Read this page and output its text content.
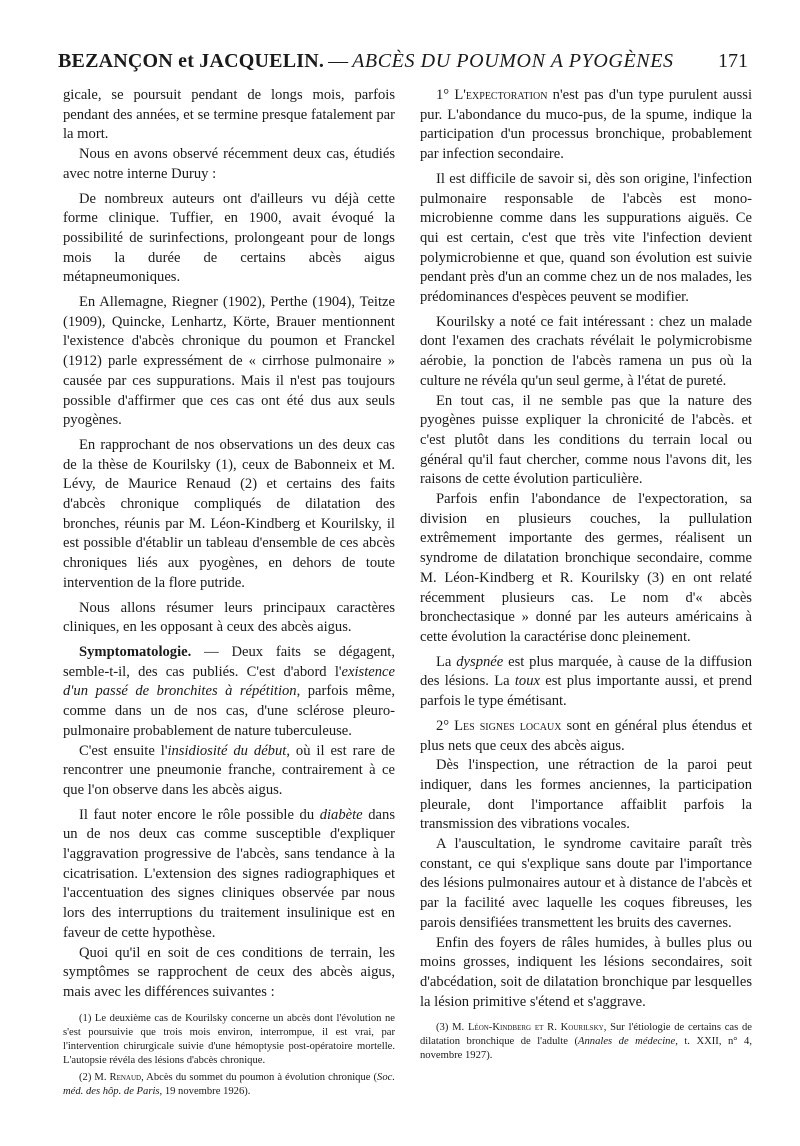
BEZANÇON et JACQUELIN. — ABCÈS DU POUMON A PYOGÈNES 171

gicale, se poursuit pendant de longs mois, parfois pendant des années, et se termine presque fatalement par la mort.

Nous en avons observé récemment deux cas, étudiés avec notre interne Duruy :

De nombreux auteurs ont d'ailleurs vu déjà cette forme clinique. Tuffier, en 1900, avait évoqué la possibilité de surinfections, prolongeant pour de longs mois la durée de certains abcès aigus métapneumoniques.

En Allemagne, Riegner (1902), Perthe (1904), Teitze (1909), Quincke, Lenhartz, Körte, Brauer mentionnent l'existence d'abcès chronique du poumon et Franckel (1912) parle expressément de « cirrhose pulmonaire » causée par ces suppurations. Mais il n'est pas toujours possible d'affirmer que ces cas ont été dus aux seuls pyogènes.

En rapprochant de nos observations un des deux cas de la thèse de Kourilsky (1), ceux de Babonneix et M. Lévy, de Maurice Renaud (2) et certains des faits d'abcès chronique compliqués de dilatation des bronches, réunis par M. Léon-Kindberg et Kourilsky, il est possible d'établir un tableau d'ensemble de ces abcès chroniques liés aux pyogènes, en dehors de toute intervention de la flore putride.

Nous allons résumer leurs principaux caractères cliniques, en les opposant à ceux des abcès aigus.

Symptomatologie. — Deux faits se dégagent, semble-t-il, des cas publiés. C'est d'abord l'existence d'un passé de bronchites à répétition, parfois même, comme dans un de nos cas, d'une sclérose pleuro-pulmonaire probablement de nature tuberculeuse.

C'est ensuite l'insidiosité du début, où il est rare de rencontrer une pneumonie franche, contrairement à ce que l'on observe dans les abcès aigus.

Il faut noter encore le rôle possible du diabète dans un de nos deux cas comme susceptible d'expliquer l'aggravation progressive de l'abcès, sans tendance à la cicatrisation. L'extension des signes radiographiques et l'accentuation des signes cliniques observée par nous lors des interruptions du traitement insulinique est en faveur de cette hypothèse.

Quoi qu'il en soit de ces conditions de terrain, les symptômes se rapprochent de ceux des abcès aigus, mais avec les différences suivantes :

(1) Le deuxième cas de Kourilsky concerne un abcès dont l'évolution ne s'est poursuivie que trois mois environ, interrompue, il est vrai, par l'intervention chirurgicale suivie d'une hémoptysie post-opératoire mortelle. L'autopsie révéla des lésions d'abcès chronique.

(2) M. Renaud, Abcès du sommet du poumon à évolution chronique (Soc. méd. des hôp. de Paris, 19 novembre 1926).

1° L'expectoration n'est pas d'un type purulent aussi pur. L'abondance du muco-pus, de la spume, indique la participation d'un processus bronchique, probablement par infection secondaire.

Il est difficile de savoir si, dès son origine, l'infection pulmonaire responsable de l'abcès est mono-microbienne comme dans les suppurations aiguës. Ce qui est certain, c'est que très vite l'infection devient polymicrobienne et que, quand son évolution est suivie pendant près d'un an comme chez un de nos malades, les prédominances d'espèces peuvent se modifier.

Kourilsky a noté ce fait intéressant : chez un malade dont l'examen des crachats révélait le polymicrobisme aérobie, la ponction de l'abcès ramena un pus où la culture ne révéla qu'un seul germe, à l'état de pureté.

En tout cas, il ne semble pas que la nature des pyogènes puisse expliquer la chronicité de l'abcès. et c'est plutôt dans les conditions du terrain local ou général qu'il faut chercher, comme nous l'avons dit, les raisons de cette évolution particulière.

Parfois enfin l'abondance de l'expectoration, sa division en plusieurs couches, la pullulation extrêmement importante des germes, réalisent un syndrome de dilatation bronchique secondaire, comme M. Léon-Kindberg et R. Kourilsky (3) en ont relaté récemment plusieurs cas. Le nom d'« abcès bronchectasique » donné par les auteurs américains à cette évolution la caractérise donc pleinement.

La dyspnée est plus marquée, à cause de la diffusion des lésions. La toux est plus importante aussi, et prend parfois le type émétisant.

2° Les signes locaux sont en général plus étendus et plus nets que ceux des abcès aigus.

Dès l'inspection, une rétraction de la paroi peut indiquer, dans les formes anciennes, la participation pleurale, dont l'importance affaiblit parfois la transmission des vibrations vocales.

A l'auscultation, le syndrome cavitaire paraît très constant, ce qui s'explique sans doute par l'importance des lésions pulmonaires autour et à distance de l'abcès et par la facilité avec laquelle les coques fibreuses, les parois densifiées transmettent les bruits des cavernes.

Enfin des foyers de râles humides, à bulles plus ou moins grosses, indiquent les lésions secondaires, soit d'abcédation, soit de dilatation bronchique par lesquelles la lésion primitive s'étend et s'aggrave.

(3) M. Léon-Kindberg et R. Kourilsky, Sur l'étiologie de certains cas de dilatation bronchique de l'adulte (Annales de médecine, t. XXII, n° 4, novembre 1927).
